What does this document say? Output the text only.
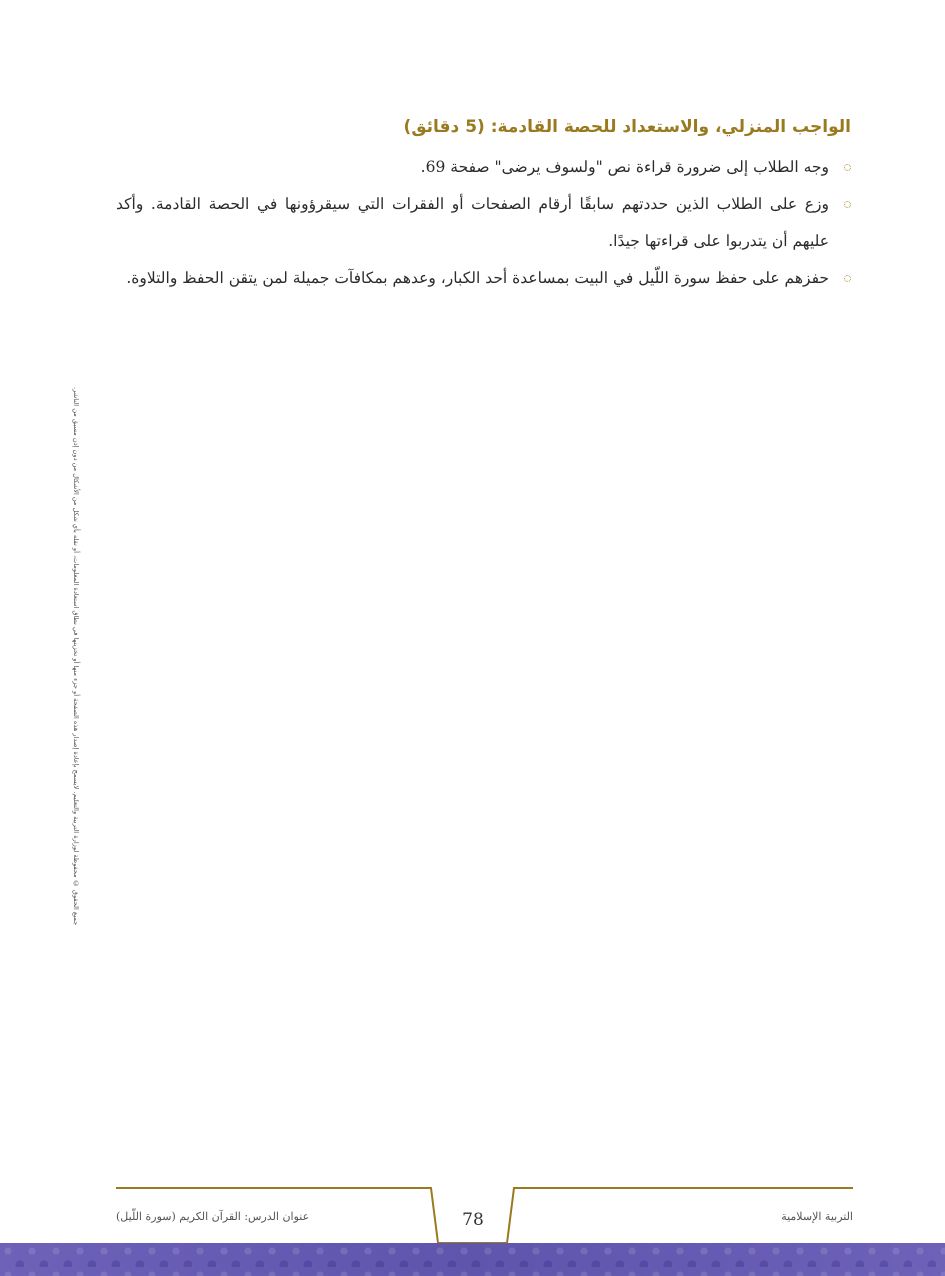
الواجب المنزلي، والاستعداد للحصة القادمة: (5 دقائق)
وجه الطلاب إلى ضرورة قراءة نص "ولسوف يرضى" صفحة 69.
وزع على الطلاب الذين حددتهم سابقًا أرقام الصفحات أو الفقرات التي سيقرؤونها في الحصة القادمة. وأكد عليهم أن يتدربوا على قراءتها جيدًا.
حفزهم على حفظ سورة اللّيل في البيت بمساعدة أحد الكبار، وعدهم بمكافآت جميلة لمن يتقن الحفظ والتلاوة.
جميع الحقوق © محفوظة لوزارة التربية والتعليم. لايسمح بإعادة إصدار هذه الصفحة أو جزء منها أو تخزينها في نطاق استعادة المعلومات، أو نقله بأي شكل من الأشكال من دون إذن مسبق من الناشر.
عنوان الدرس: القرآن الكريم (سورة اللّيل)	78	التربية الإسلامية
